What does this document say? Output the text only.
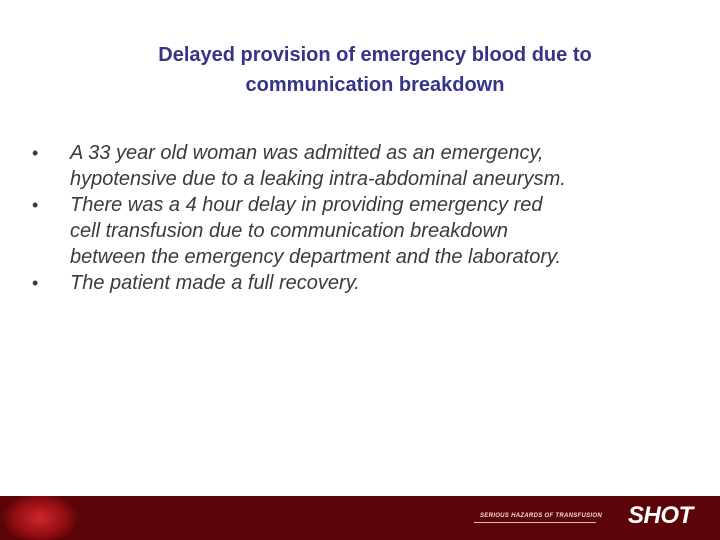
Delayed provision of emergency blood due to
communication breakdown
• A 33 year old woman was admitted as an emergency,
hypotensive due to a leaking intra-abdominal aneurysm.
• There was a 4 hour delay in providing emergency red
cell transfusion due to communication breakdown
between the emergency department and the laboratory.
• The patient made a full recovery.
SERIOUS HAZARDS OF TRANSFUSION SHOT
